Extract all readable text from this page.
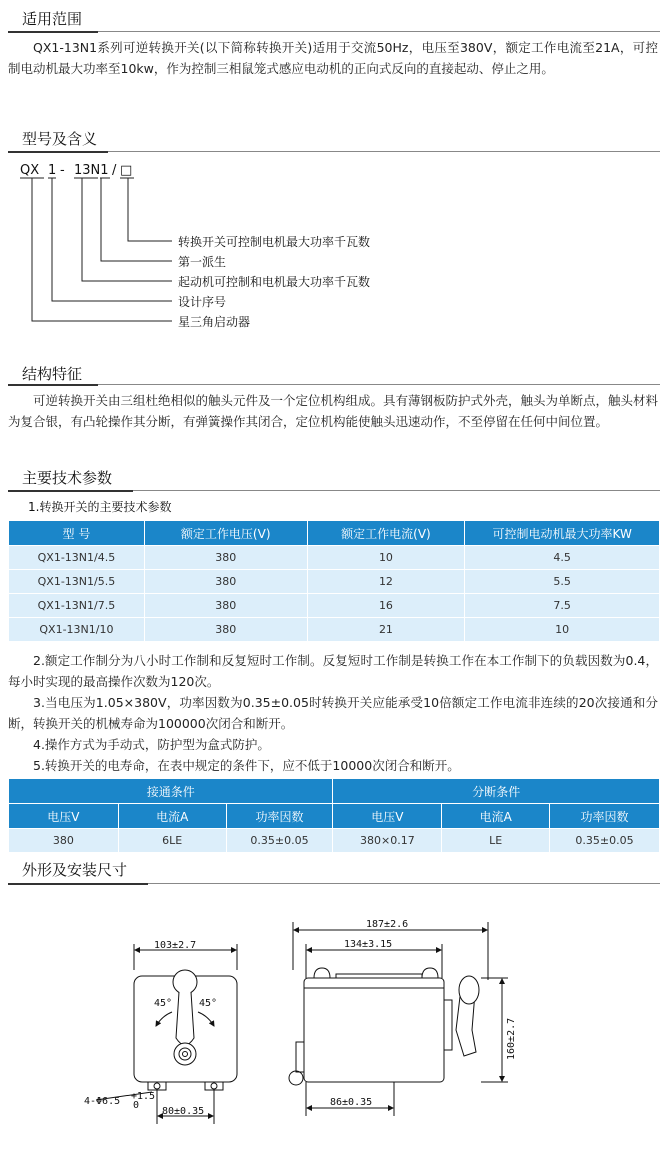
适用范围

QX1-13N1系列可逆转换开关(以下简称转换开关)适用于交流50Hz，电压至380V，额定工作电流至21A，可控制电动机最大功率至10kw，作为控制三相鼠笼式感应电动机的正向式反向的直接起动、停止之用。

型号及含义
QX 1 - 13N1 / □
转换开关可控制电机最大功率千瓦数
第一派生
起动机可控制和电机最大功率千瓦数
设计序号
星三角启动器
结构特征

可逆转换开关由三组杜绝相似的触头元件及一个定位机构组成。具有薄钢板防护式外壳，触头为单断点，触头材料为复合银，有凸轮操作其分断，有弹簧操作其闭合，定位机构能使触头迅速动作，不至停留在任何中间位置。

主要技术参数
1.转换开关的主要技术参数
型 号	额定工作电压(V)	额定工作电流(V)	可控制电动机最大功率KW
QX1-13N1/4.5	380	10	4.5
QX1-13N1/5.5	380	12	5.5
QX1-13N1/7.5	380	16	7.5
QX1-13N1/10	380	21	10

2.额定工作制分为八小时工作制和反复短时工作制。反复短时工作制是转换工作在本工作制下的负载因数为0.4，每小时实现的最高操作次数为120次。

3.当电压为1.05×380V，功率因数为0.35±0.05时转换开关应能承受10倍额定工作电流非连续的20次接通和分断，转换开关的机械寿命为100000次闭合和断开。

4.操作方式为手动式，防护型为盒式防护。

5.转换开关的电寿命，在表中规定的条件下，应不低于10000次闭合和断开。

接通条件			分断条件		
电压V	电流A	功率因数	电压V	电流A	功率因数
380	6LE	0.35±0.05	380×0.17	LE	0.35±0.05
外形及安装尺寸
103±2.7
45°	45°
4-Φ6.5 +1.5
0
80±0.35
187±2.6
134±3.15
160±2.7
86±0.35
